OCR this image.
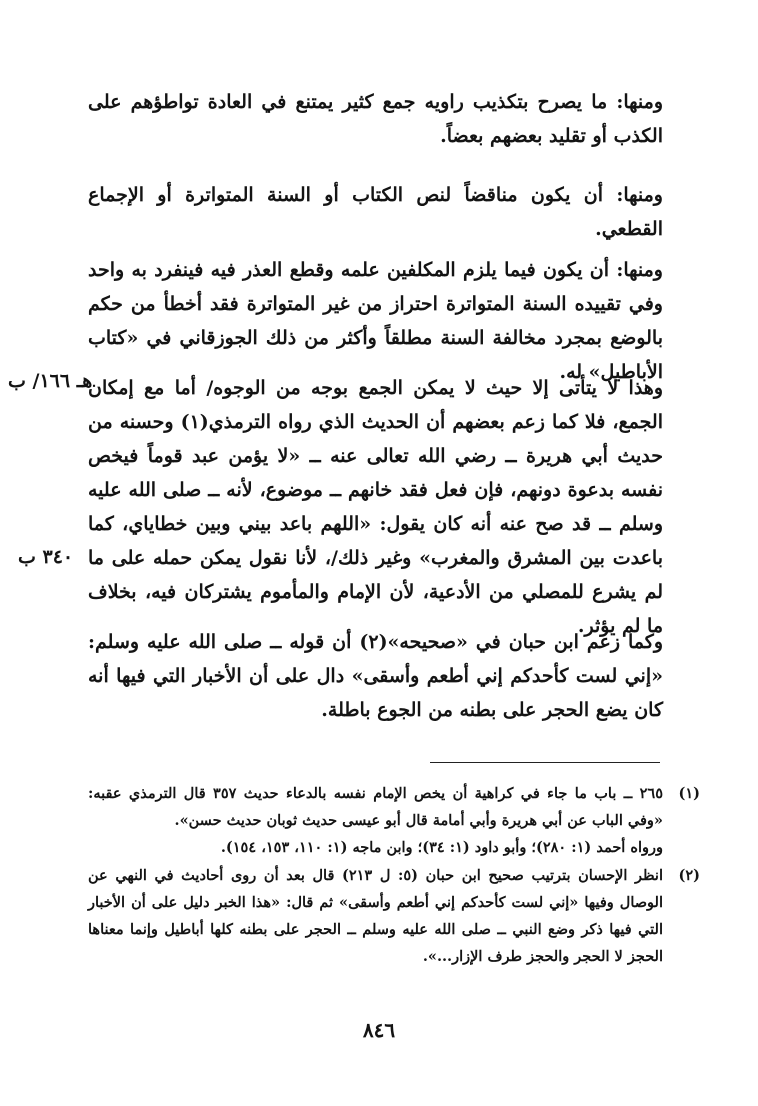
ومنها: ما يصرح بتكذيب راويه جمع كثير يمتنع في العادة تواطؤهم على الكذب أو تقليد بعضهم بعضاً.

ومنها: أن يكون مناقضاً لنص الكتاب أو السنة المتواترة أو الإجماع القطعي.

ومنها: أن يكون فيما يلزم المكلفين علمه وقطع العذر فيه فينفرد به واحد وفي تقييده السنة المتواترة احتراز من غير المتواترة فقد أخطأ من حكم بالوضع بمجرد مخالفة السنة مطلقاً وأكثر من ذلك الجوزقاني في «كتاب الأباطيل» له.

هـ ١٦٦/ ب

وهذا لا يتأتى إلا حيث لا يمكن الجمع بوجه من الوجوه/ أما مع إمكان الجمع، فلا كما زعم بعضهم أن الحديث الذي رواه الترمذي(١) وحسنه من حديث أبي هريرة ــ رضي الله تعالى عنه ــ «لا يؤمن عبد قوماً فيخص نفسه بدعوة دونهم، فإن فعل فقد خانهم ــ موضوع، لأنه ــ صلى الله عليه وسلم ــ قد صح عنه أنه كان يقول: «اللهم باعد بيني وبين خطاياي، كما باعدت بين المشرق والمغرب» وغير ذلك/، لأنا نقول يمكن حمله على ما لم يشرع للمصلي من الأدعية، لأن الإمام والمأموم يشتركان فيه، بخلاف ما لم يؤثر.

٣٤٠ ب

وكما زعم ابن حبان في «صحيحه»(٢) أن قوله ــ صلى الله عليه وسلم: «إني لست كأحدكم إني أطعم وأسقى» دال على أن الأخبار التي فيها أنه كان يضع الحجر على بطنه من الجوع باطلة.

(١)

٢٦٥ ــ باب ما جاء في كراهية أن يخص الإمام نفسه بالدعاء حديث ٣٥٧ قال الترمذي عقبه: «وفي الباب عن أبي هريرة وأبي أمامة قال أبو عيسى حديث ثوبان حديث حسن».

ورواه أحمد (١: ٢٨٠)؛ وأبو داود (١: ٣٤)؛ وابن ماجه (١: ١١٠، ١٥٣، ١٥٤).

(٢)

انظر الإحسان بترتيب صحيح ابن حبان (٥: ل ٢١٣) قال بعد أن روى أحاديث في النهي عن الوصال وفيها «إني لست كأحدكم إني أطعم وأسقى» ثم قال: «هذا الخبر دليل على أن الأخبار التي فيها ذكر وضع النبي ــ صلى الله عليه وسلم ــ الحجر على بطنه كلها أباطيل وإنما معناها الحجز لا الحجر والحجز طرف الإزار...».

٨٤٦
